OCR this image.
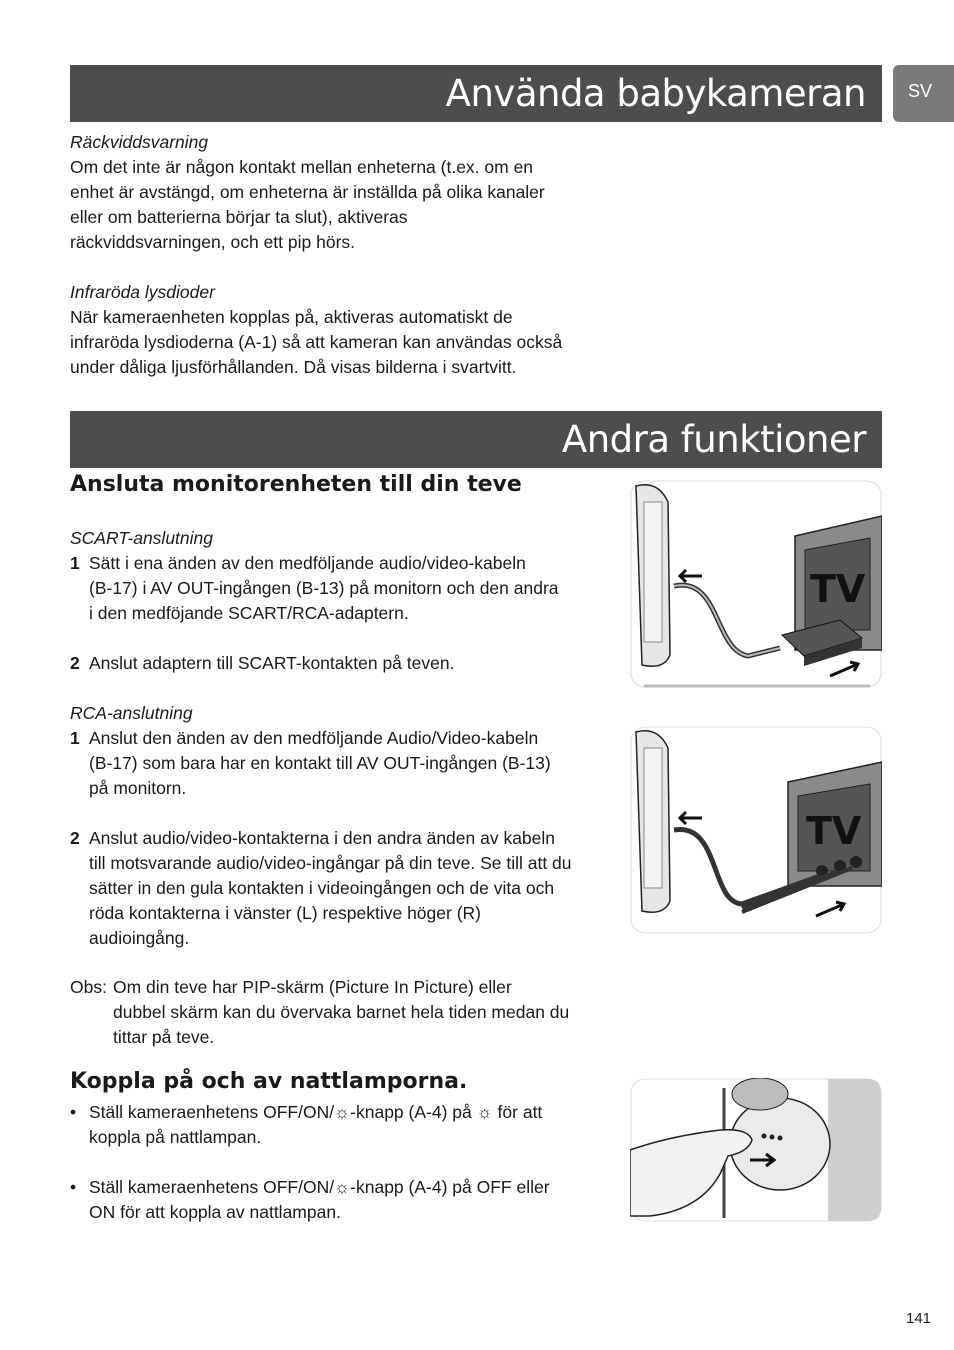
Använda babykameran SV
Räckviddsvarning
Om det inte är någon kontakt mellan enheterna (t.ex. om en
enhet är avstängd, om enheterna är inställda på olika kanaler
eller om batterierna börjar ta slut), aktiveras
räckviddsvarningen, och ett pip hörs.
Infraröda lysdioder
När kameraenheten kopplas på, aktiveras automatiskt de
infraröda lysdioderna (A-1) så att kameran kan användas också
under dåliga ljusförhållanden. Då visas bilderna i svartvitt.
Andra funktioner
Ansluta monitorenheten till din teve
SCART-anslutning
1 Sätt i ena änden av den medföljande audio/video-kabeln
(B-17) i AV OUT-ingången (B-13) på monitorn och den andra
i den medföjande SCART/RCA-adaptern.
2 Anslut adaptern till SCART-kontakten på teven.
RCA-anslutning
1 Anslut den änden av den medföljande Audio/Video-kabeln
(B-17) som bara har en kontakt till AV OUT-ingången (B-13)
på monitorn.
2 Anslut audio/video-kontakterna i den andra änden av kabeln
till motsvarande audio/video-ingångar på din teve. Se till att du
sätter in den gula kontakten i videoingången och de vita och
röda kontakterna i vänster (L) respektive höger (R)
audioingång.
Obs: Om din teve har PIP-skärm (Picture In Picture) eller
dubbel skärm kan du övervaka barnet hela tiden medan du
tittar på teve.
Koppla på och av nattlamporna.
• Ställ kameraenhetens OFF/ON/☼-knapp (A-4) på ☼ för att
koppla på nattlampan.
• Ställ kameraenhetens OFF/ON/☼-knapp (A-4) på OFF eller
ON för att koppla av nattlampan.
TV
TV
141
